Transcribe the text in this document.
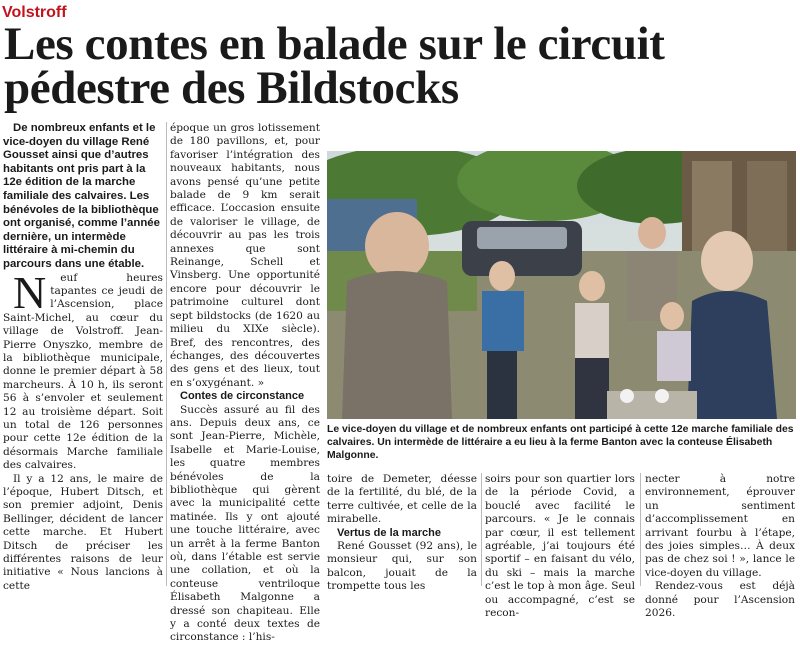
Volstroff
Les contes en balade sur le circuit pédestre des Bildstocks

De nombreux enfants et le vice-doyen du village René Gousset ainsi que d’autres habitants ont pris part à la 12e édition de la marche familiale des calvaires. Les bénévoles de la bibliothèque ont organisé, comme l’année dernière, un intermède littéraire à mi-chemin du parcours dans une étable.

N euf heures tapantes ce jeudi de l’Ascension, place Saint-Michel, au cœur du village de Volstroff. Jean-Pierre Onyszko, membre de la bibliothèque municipale, donne le premier départ à 58 marcheurs. À 10 h, ils seront 56 à s’envoler et seulement 12 au troisième départ. Soit un total de 126 personnes pour cette 12e édition de la désormais Marche familiale des calvaires.

Il y a 12 ans, le maire de l’époque, Hubert Ditsch, et son premier adjoint, Denis Bellinger, décident de lancer cette marche. Et Hubert Ditsch de préciser les différentes raisons de leur initiative « Nous lancions à cette

époque un gros lotissement de 180 pavillons, et, pour favoriser l’intégration des nouveaux habitants, nous avons pensé qu’une petite balade de 9 km serait efficace. L’occasion ensuite de valoriser le village, de découvrir au pas les trois annexes que sont Reinange, Schell et Vinsberg. Une opportunité encore pour découvrir le patrimoine culturel dont sept bildstocks (de 1620 au milieu du XIXe siècle). Bref, des rencontres, des échanges, des découvertes des gens et des lieux, tout en s’oxygénant. »

Contes de circonstance

Succès assuré au fil des ans. Depuis deux ans, ce sont Jean-Pierre, Michèle, Isabelle et Marie-Louise, les quatre membres bénévoles de la bibliothèque qui gèrent avec la municipalité cette matinée. Ils y ont ajouté une touche littéraire, avec un arrêt à la ferme Banton où, dans l’étable est servie une collation, et où la conteuse ventriloque Élisabeth Malgonne a dressé son chapiteau. Elle y a conté deux textes de circonstance : l’his-

Le vice-doyen du village et de nombreux enfants ont participé à cette 12e marche familiale des calvaires. Un intermède de littéraire a eu lieu à la ferme Banton avec la conteuse Élisabeth Malgonne.

toire de Demeter, déesse de la fertilité, du blé, de la terre cultivée, et celle de la mirabelle.

Vertus de la marche

René Gousset (92 ans), le monsieur qui, sur son balcon, jouait de la trompette tous les

soirs pour son quartier lors de la période Covid, a bouclé avec facilité le parcours. « Je le connais par cœur, il est tellement agréable, j’ai toujours été sportif – en faisant du vélo, du ski – mais la marche c’est le top à mon âge. Seul ou accompagné, c’est se recon-

necter à notre environnement, éprouver un sentiment d’accomplissement en arrivant fourbu à l’étape, des joies simples… À deux pas de chez soi ! », lance le vice-doyen du village.

Rendez-vous est déjà donné pour l’Ascension 2026.
